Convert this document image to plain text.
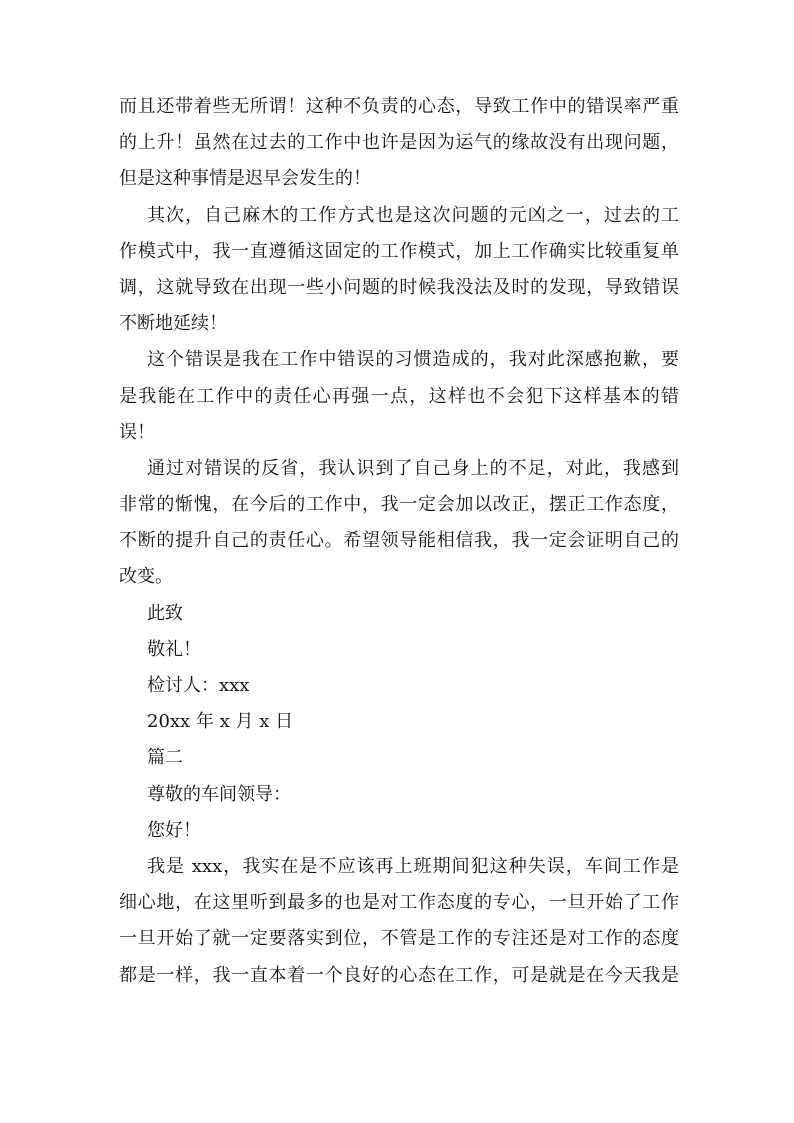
而且还带着些无所谓！这种不负责的心态，导致工作中的错误率严重

的上升！虽然在过去的工作中也许是因为运气的缘故没有出现问题，

但是这种事情是迟早会发生的！

其次，自己麻木的工作方式也是这次问题的元凶之一，过去的工

作模式中，我一直遵循这固定的工作模式，加上工作确实比较重复单

调，这就导致在出现一些小问题的时候我没法及时的发现，导致错误

不断地延续！

这个错误是我在工作中错误的习惯造成的，我对此深感抱歉，要

是我能在工作中的责任心再强一点，这样也不会犯下这样基本的错

误！

通过对错误的反省，我认识到了自己身上的不足，对此，我感到

非常的惭愧，在今后的工作中，我一定会加以改正，摆正工作态度，

不断的提升自己的责任心。希望领导能相信我，我一定会证明自己的

改变。

此致

敬礼！

检讨人：xxx

20xx 年 x 月 x 日

篇二

尊敬的车间领导：

您好！

我是 xxx，我实在是不应该再上班期间犯这种失误，车间工作是

细心地，在这里听到最多的也是对工作态度的专心，一旦开始了工作

一旦开始了就一定要落实到位，不管是工作的专注还是对工作的态度

都是一样，我一直本着一个良好的心态在工作，可是就是在今天我是
